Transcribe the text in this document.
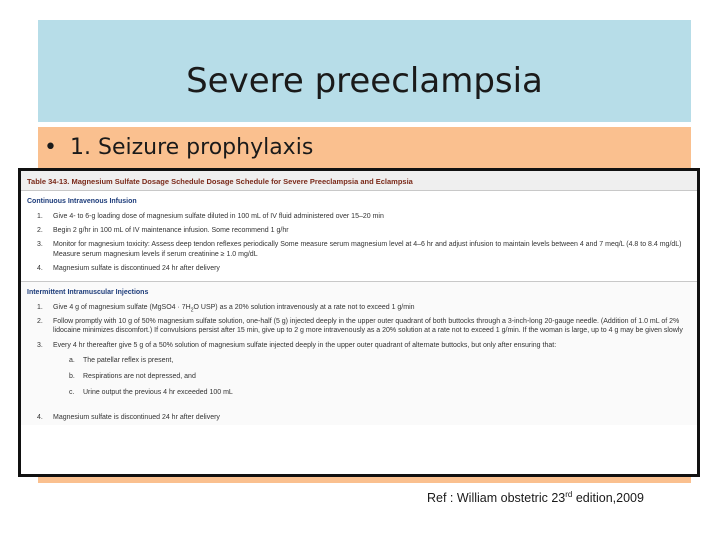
Severe preeclampsia
• 1. Seizure prophylaxis
Table 34-13. Magnesium Sulfate Dosage Schedule Dosage Schedule for Severe Preeclampsia and Eclampsia
Continuous Intravenous Infusion
1.	Give 4- to 6-g loading dose of magnesium sulfate diluted in 100 mL of IV fluid administered over 15–20 min
2.	Begin 2 g/hr in 100 mL of IV maintenance infusion. Some recommend 1 g/hr
3.	Monitor for magnesium toxicity: Assess deep tendon reflexes periodically Some measure serum magnesium level at 4–6 hr and adjust infusion to maintain levels between 4 and 7 meq/L (4.8 to 8.4 mg/dL) Measure serum magnesium levels if serum creatinine ≥ 1.0 mg/dL
4.	Magnesium sulfate is discontinued 24 hr after delivery
Intermittent Intramuscular Injections
1.	Give 4 g of magnesium sulfate (MgSO4 · $7H_2O$ USP) as a 20% solution intravenously at a rate not to exceed 1 g/min
2.	Follow promptly with 10 g of 50% magnesium sulfate solution, one-half (5 g) injected deeply in the upper outer quadrant of both buttocks through a 3-inch-long 20-gauge needle. (Addition of 1.0 mL of 2% lidocaine minimizes discomfort.) If convulsions persist after 15 min, give up to 2 g more intravenously as a 20% solution at a rate not to exceed 1 g/min. If the woman is large, up to 4 g may be given slowly
3.	Every 4 hr thereafter give 5 g of a 50% solution of magnesium sulfate injected deeply in the upper outer quadrant of alternate buttocks, but only after ensuring that:
a.	The patellar reflex is present,
b.	Respirations are not depressed, and
c.	Urine output the previous 4 hr exceeded 100 mL
4.	Magnesium sulfate is discontinued 24 hr after delivery
Ref : William obstetric 23rd edition,2009
